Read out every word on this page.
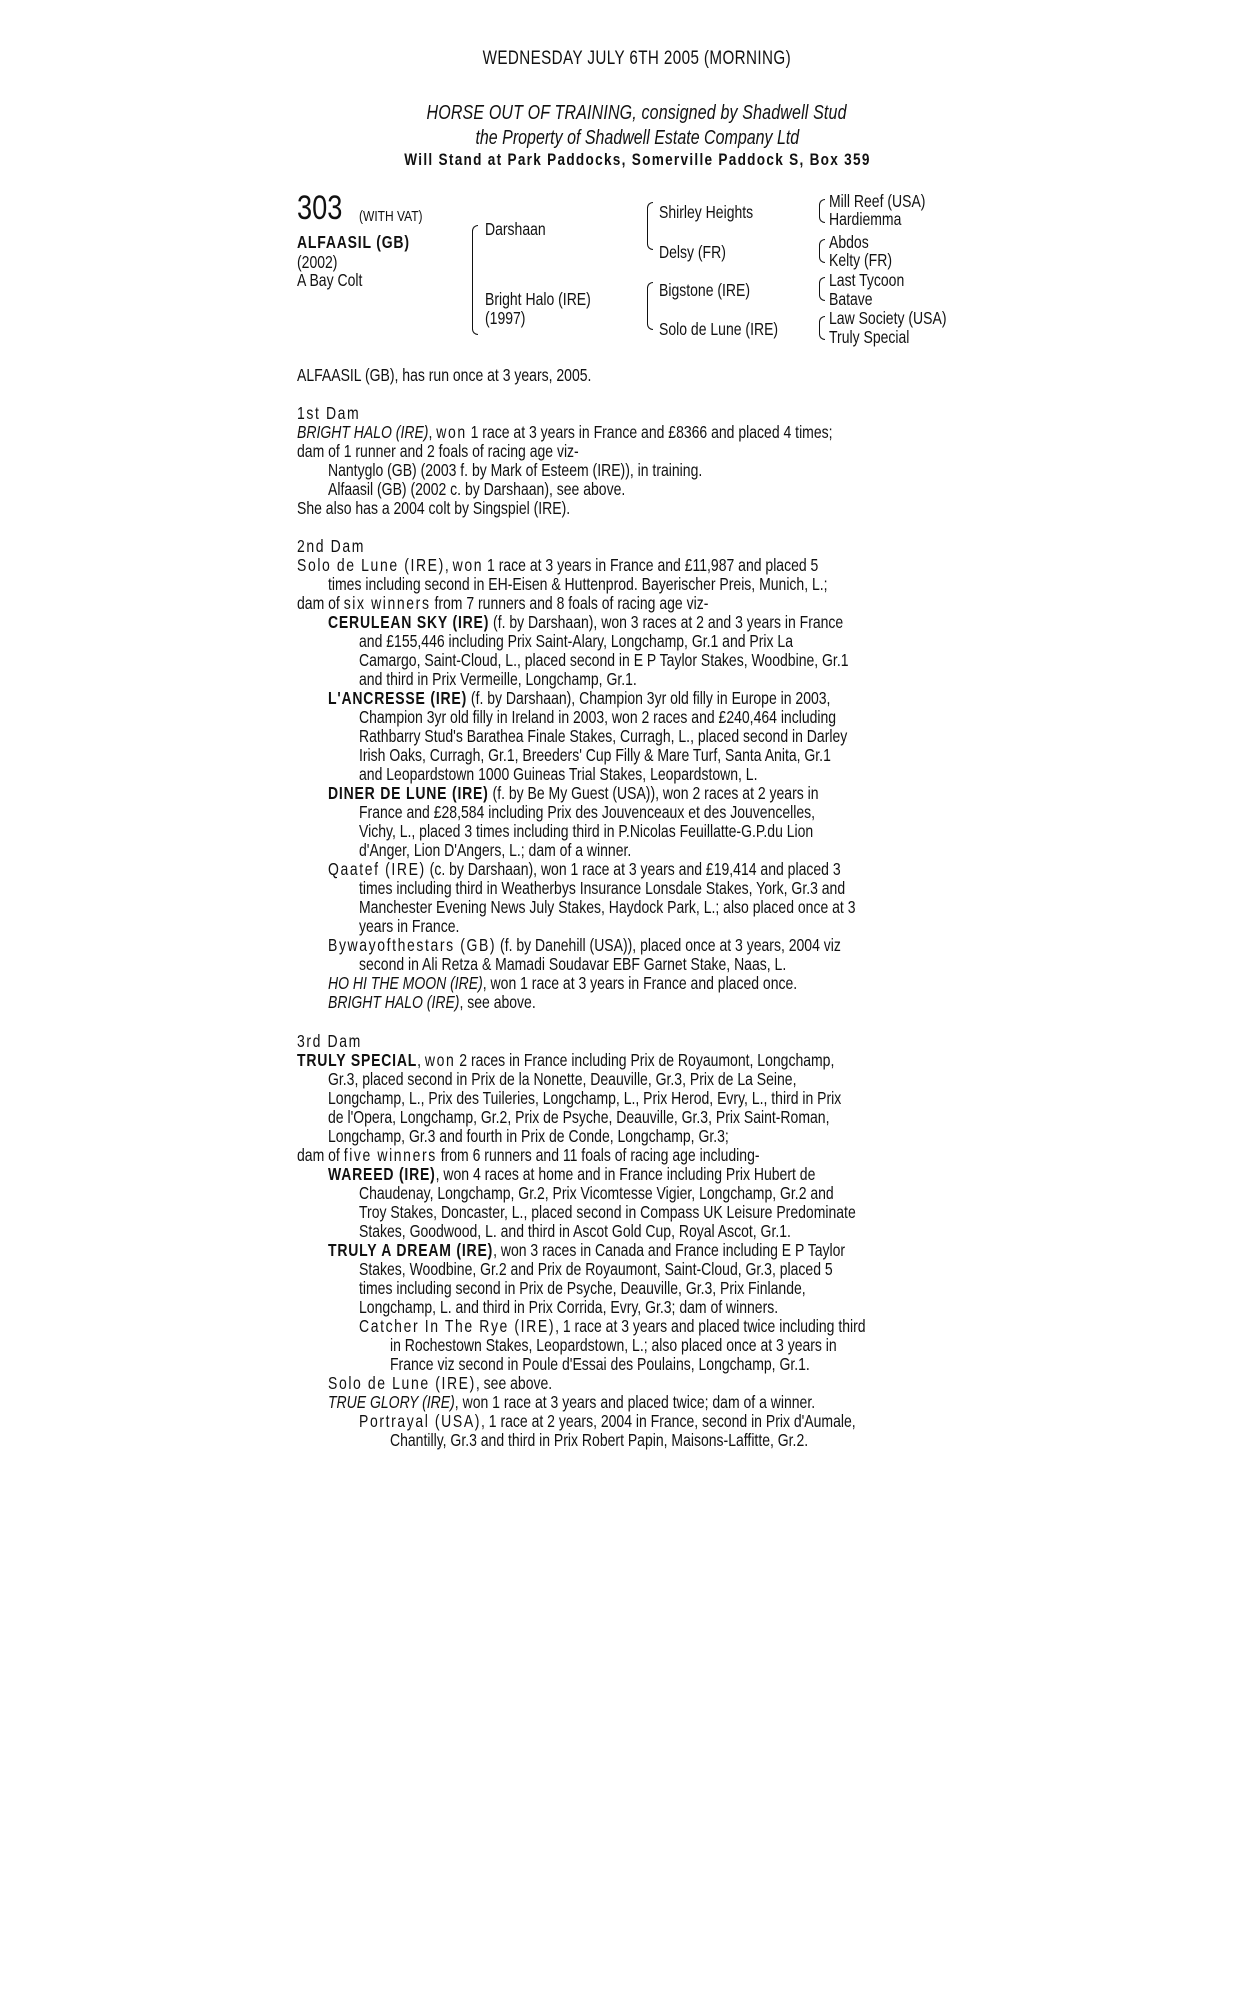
WEDNESDAY JULY 6TH 2005 (MORNING)
HORSE OUT OF TRAINING, consigned by Shadwell Stud
the Property of Shadwell Estate Company Ltd
Will Stand at Park Paddocks, Somerville Paddock S, Box 359
303	(WITH VAT)
ALFAASIL (GB)
(2002)
A Bay Colt
Darshaan
Bright Halo (IRE)
(1997)
Shirley Heights
Delsy (FR)
Bigstone (IRE)
Solo de Lune (IRE)
Mill Reef (USA)
Hardiemma
Abdos
Kelty (FR)
Last Tycoon
Batave
Law Society (USA)
Truly Special
ALFAASIL (GB), has run once at 3 years, 2005.
1st Dam
BRIGHT HALO (IRE), won 1 race at 3 years in France and £8366 and placed 4 times;
dam of 1 runner and 2 foals of racing age viz-
Nantyglo (GB) (2003 f. by Mark of Esteem (IRE)), in training.
Alfaasil (GB) (2002 c. by Darshaan), see above.
She also has a 2004 colt by Singspiel (IRE).
2nd Dam
Solo de Lune (IRE), won 1 race at 3 years in France and £11,987 and placed 5
times including second in EH-Eisen & Huttenprod. Bayerischer Preis, Munich, L.;
dam of six winners from 7 runners and 8 foals of racing age viz-
CERULEAN SKY (IRE) (f. by Darshaan), won 3 races at 2 and 3 years in France
and £155,446 including Prix Saint-Alary, Longchamp, Gr.1 and Prix La
Camargo, Saint-Cloud, L., placed second in E P Taylor Stakes, Woodbine, Gr.1
and third in Prix Vermeille, Longchamp, Gr.1.
L'ANCRESSE (IRE) (f. by Darshaan), Champion 3yr old filly in Europe in 2003,
Champion 3yr old filly in Ireland in 2003, won 2 races and £240,464 including
Rathbarry Stud's Barathea Finale Stakes, Curragh, L., placed second in Darley
Irish Oaks, Curragh, Gr.1, Breeders' Cup Filly & Mare Turf, Santa Anita, Gr.1
and Leopardstown 1000 Guineas Trial Stakes, Leopardstown, L.
DINER DE LUNE (IRE) (f. by Be My Guest (USA)), won 2 races at 2 years in
France and £28,584 including Prix des Jouvenceaux et des Jouvencelles,
Vichy, L., placed 3 times including third in P.Nicolas Feuillatte-G.P.du Lion
d'Anger, Lion D'Angers, L.; dam of a winner.
Qaatef (IRE) (c. by Darshaan), won 1 race at 3 years and £19,414 and placed 3
times including third in Weatherbys Insurance Lonsdale Stakes, York, Gr.3 and
Manchester Evening News July Stakes, Haydock Park, L.; also placed once at 3
years in France.
Bywayofthestars (GB) (f. by Danehill (USA)), placed once at 3 years, 2004 viz
second in Ali Retza & Mamadi Soudavar EBF Garnet Stake, Naas, L.
HO HI THE MOON (IRE), won 1 race at 3 years in France and placed once.
BRIGHT HALO (IRE), see above.
3rd Dam
TRULY SPECIAL, won 2 races in France including Prix de Royaumont, Longchamp,
Gr.3, placed second in Prix de la Nonette, Deauville, Gr.3, Prix de La Seine,
Longchamp, L., Prix des Tuileries, Longchamp, L., Prix Herod, Evry, L., third in Prix
de l'Opera, Longchamp, Gr.2, Prix de Psyche, Deauville, Gr.3, Prix Saint-Roman,
Longchamp, Gr.3 and fourth in Prix de Conde, Longchamp, Gr.3;
dam of five winners from 6 runners and 11 foals of racing age including-
WAREED (IRE), won 4 races at home and in France including Prix Hubert de
Chaudenay, Longchamp, Gr.2, Prix Vicomtesse Vigier, Longchamp, Gr.2 and
Troy Stakes, Doncaster, L., placed second in Compass UK Leisure Predominate
Stakes, Goodwood, L. and third in Ascot Gold Cup, Royal Ascot, Gr.1.
TRULY A DREAM (IRE), won 3 races in Canada and France including E P Taylor
Stakes, Woodbine, Gr.2 and Prix de Royaumont, Saint-Cloud, Gr.3, placed 5
times including second in Prix de Psyche, Deauville, Gr.3, Prix Finlande,
Longchamp, L. and third in Prix Corrida, Evry, Gr.3; dam of winners.
Catcher In The Rye (IRE), 1 race at 3 years and placed twice including third
in Rochestown Stakes, Leopardstown, L.; also placed once at 3 years in
France viz second in Poule d'Essai des Poulains, Longchamp, Gr.1.
Solo de Lune (IRE), see above.
TRUE GLORY (IRE), won 1 race at 3 years and placed twice; dam of a winner.
Portrayal (USA), 1 race at 2 years, 2004 in France, second in Prix d'Aumale,
Chantilly, Gr.3 and third in Prix Robert Papin, Maisons-Laffitte, Gr.2.
